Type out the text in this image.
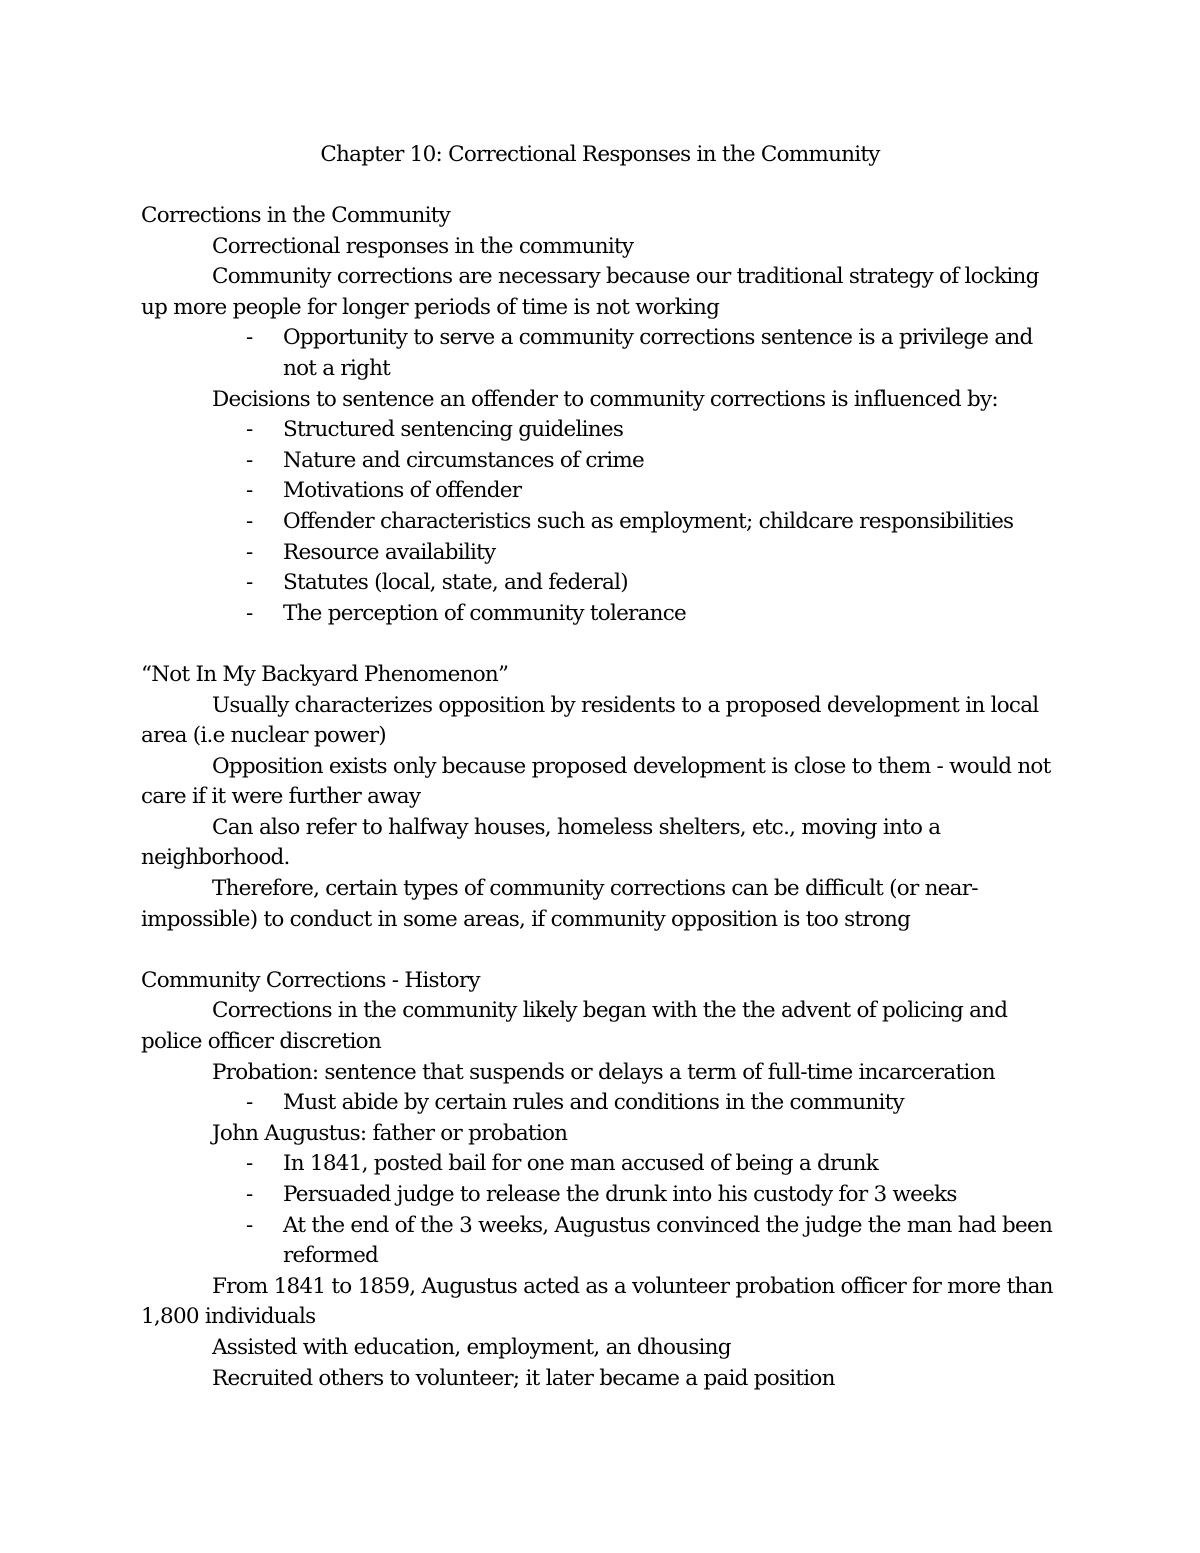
Chapter 10: Correctional Responses in the Community

Corrections in the Community

Correctional responses in the community

Community corrections are necessary because our traditional strategy of locking up more people for longer periods of time is not working

- Opportunity to serve a community corrections sentence is a privilege and not a right

Decisions to sentence an offender to community corrections is influenced by:

- Structured sentencing guidelines
- Nature and circumstances of crime
- Motivations of offender
- Offender characteristics such as employment; childcare responsibilities
- Resource availability
- Statutes (local, state, and federal)
- The perception of community tolerance

“Not In My Backyard Phenomenon”

Usually characterizes opposition by residents to a proposed development in local area (i.e nuclear power)

Opposition exists only because proposed development is close to them - would not care if it were further away

Can also refer to halfway houses, homeless shelters, etc., moving into a neighborhood.

Therefore, certain types of community corrections can be difficult (or near-impossible) to conduct in some areas, if community opposition is too strong

Community Corrections - History

Corrections in the community likely began with the the advent of policing and police officer discretion

Probation: sentence that suspends or delays a term of full-time incarceration

- Must abide by certain rules and conditions in the community

John Augustus: father or probation

- In 1841, posted bail for one man accused of being a drunk
- Persuaded judge to release the drunk into his custody for 3 weeks
- At the end of the 3 weeks, Augustus convinced the judge the man had been reformed

From 1841 to 1859, Augustus acted as a volunteer probation officer for more than 1,800 individuals

Assisted with education, employment, an dhousing

Recruited others to volunteer; it later became a paid position
